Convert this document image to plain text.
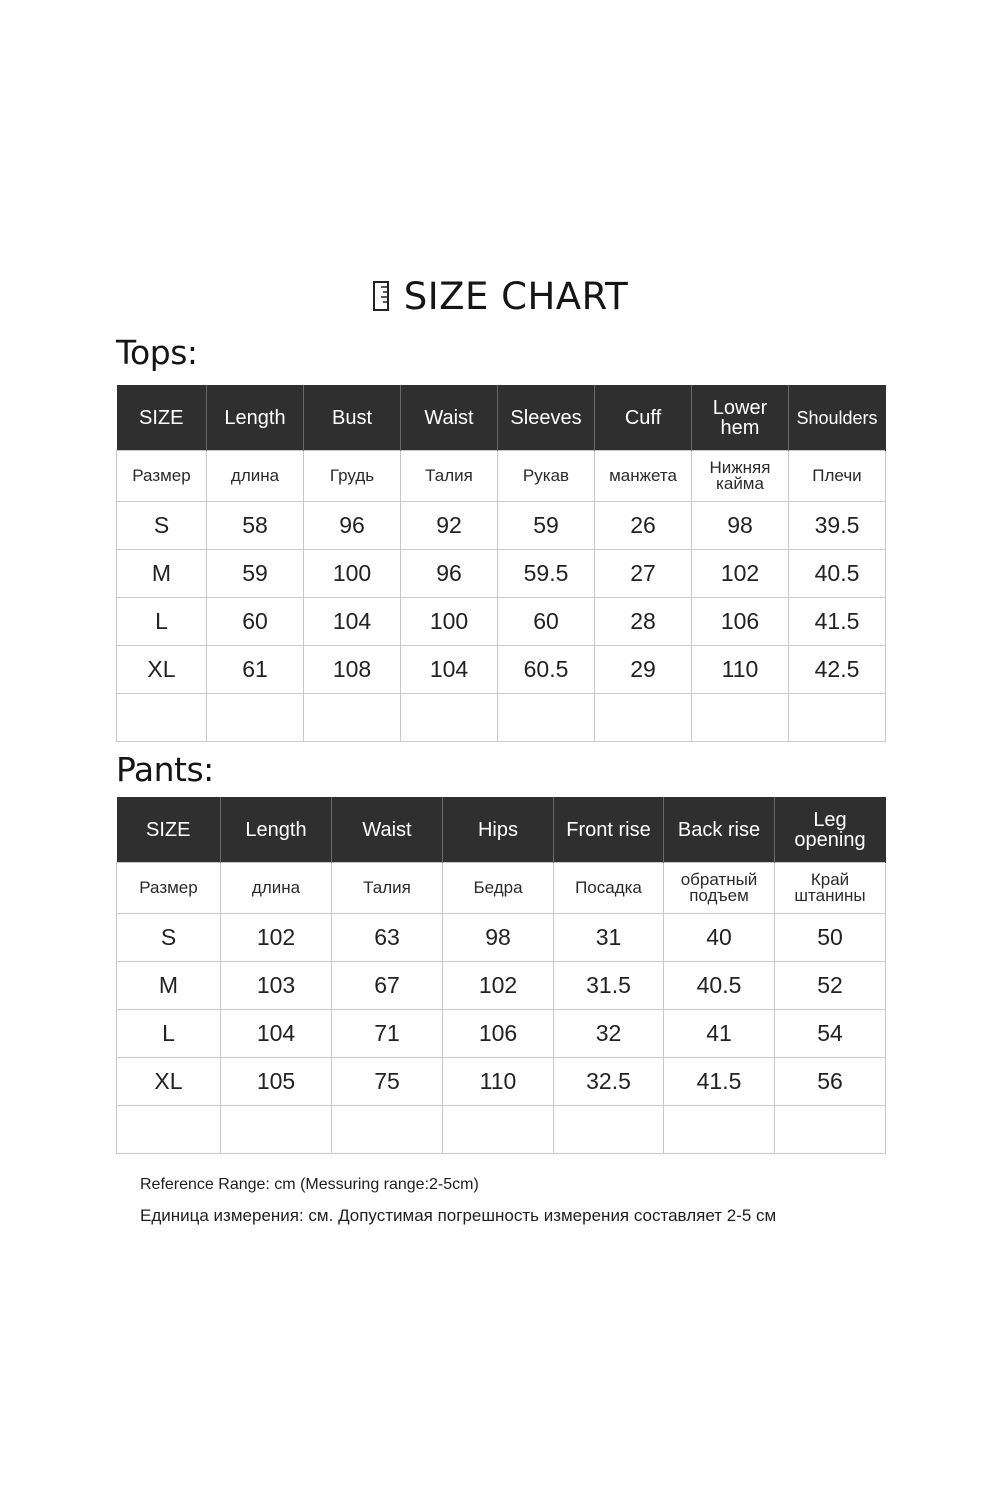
SIZE CHART
Tops:
SIZE	Length	Bust	Waist	Sleeves	Cuff	Lower hem	Shoulders
Размер	длина	Грудь	Талия	Рукав	манжета	Нижняя кайма	Плечи
S	58	96	92	59	26	98	39.5
M	59	100	96	59.5	27	102	40.5
L	60	104	100	60	28	106	41.5
XL	61	108	104	60.5	29	110	42.5

Pants:
SIZE	Length	Waist	Hips	Front rise	Back rise	Leg opening
Размер	длина	Талия	Бедра	Посадка	обратный подъем	Край штанины
S	102	63	98	31	40	50
M	103	67	102	31.5	40.5	52
L	104	71	106	32	41	54
XL	105	75	110	32.5	41.5	56

Reference Range: cm (Messuring range:2-5cm)
Единица измерения: см. Допустимая погрешность измерения составляет 2-5 см
